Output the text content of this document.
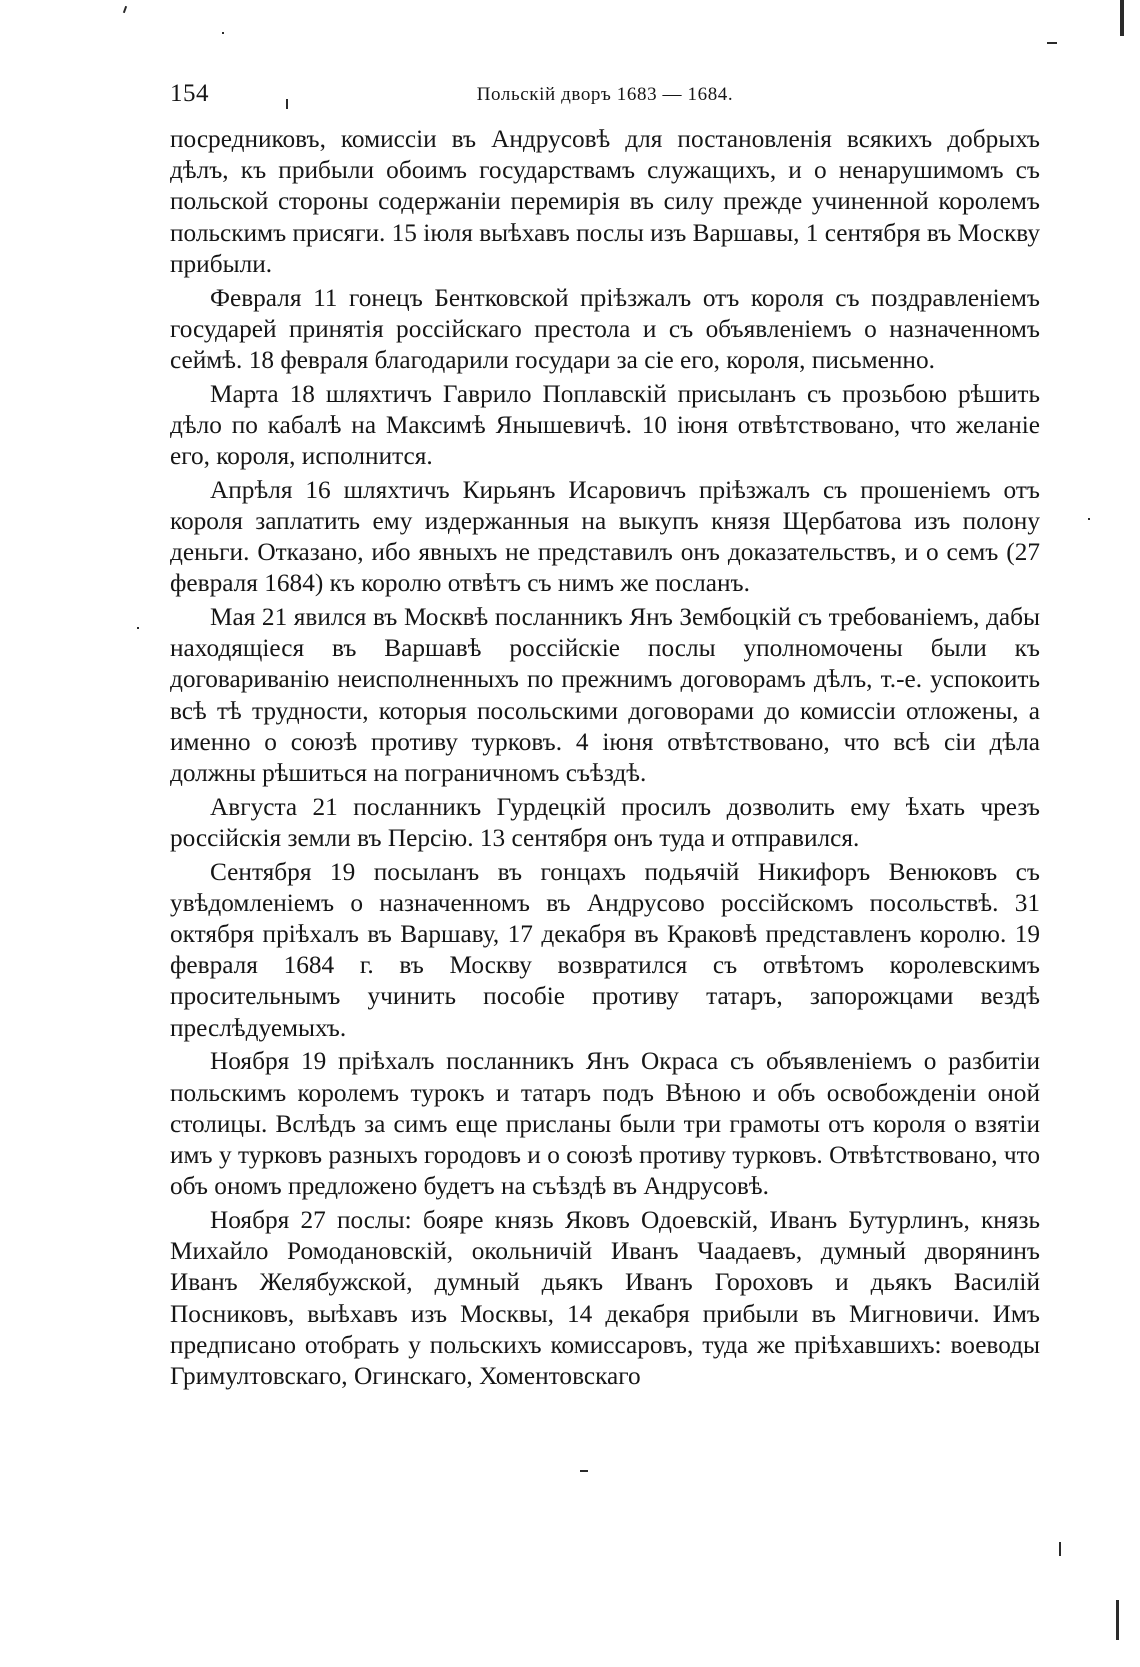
154	Польскій дворъ 1683 — 1684.

посредниковъ, комиссіи въ Андрусовѣ для постановленія всякихъ добрыхъ дѣлъ, къ прибыли обоимъ государствамъ служащихъ, и о ненарушимомъ съ польской стороны содержаніи перемирія въ силу прежде учиненной королемъ польскимъ присяги. 15 іюля выѣхавъ послы изъ Варшавы, 1 сентября въ Москву прибыли.

Февраля 11 гонецъ Бентковской пріѣзжалъ отъ короля съ поздравленіемъ государей принятія россійскаго престола и съ объявленіемъ о назначенномъ сеймѣ. 18 февраля благодарили государи за сіе его, короля, письменно.

Марта 18 шляхтичъ Гаврило Поплавскій присыланъ съ прозьбою рѣшить дѣло по кабалѣ на Максимѣ Янышевичѣ. 10 іюня отвѣтствовано, что желаніе его, короля, исполнится.

Апрѣля 16 шляхтичъ Кирьянъ Исаровичъ пріѣзжалъ съ прошеніемъ отъ короля заплатить ему издержанныя на выкупъ князя Щербатова изъ полону деньги. Отказано, ибо явныхъ не представилъ онъ доказательствъ, и о семъ (27 февраля 1684) къ королю отвѣтъ съ нимъ же посланъ.

Мая 21 явился въ Москвѣ посланникъ Янъ Зембоцкій съ требованіемъ, дабы находящіеся въ Варшавѣ россійскіе послы уполномочены были къ договариванію неисполненныхъ по прежнимъ договорамъ дѣлъ, т.-е. успокоить всѣ тѣ трудности, которыя посольскими договорами до комиссіи отложены, а именно о союзѣ противу турковъ. 4 іюня отвѣтствовано, что всѣ сіи дѣла должны рѣшиться на пограничномъ съѣздѣ.

Августа 21 посланникъ Гурдецкій просилъ дозволить ему ѣхать чрезъ россійскія земли въ Персію. 13 сентября онъ туда и отправился.

Сентября 19 посыланъ въ гонцахъ подьячій Никифоръ Венюковъ съ увѣдомленіемъ о назначенномъ въ Андрусово россійскомъ посольствѣ. 31 октября пріѣхалъ въ Варшаву, 17 декабря въ Краковѣ представленъ королю. 19 февраля 1684 г. въ Москву возвратился съ отвѣтомъ королевскимъ просительнымъ учинить пособіе противу татаръ, запорожцами вездѣ преслѣдуемыхъ.

Ноября 19 пріѣхалъ посланникъ Янъ Окраса съ объявленіемъ о разбитіи польскимъ королемъ турокъ и татаръ подъ Вѣною и объ освобожденіи оной столицы. Вслѣдъ за симъ еще присланы были три грамоты отъ короля о взятіи имъ у турковъ разныхъ городовъ и о союзѣ противу турковъ. Отвѣтствовано, что объ ономъ предложено будетъ на съѣздѣ въ Андрусовѣ.

Ноября 27 послы: бояре князь Яковъ Одоевскій, Иванъ Бутурлинъ, князь Михайло Ромодановскій, окольничій Иванъ Чаадаевъ, думный дворянинъ Иванъ Желябужской, думный дьякъ Иванъ Гороховъ и дьякъ Василій Посниковъ, выѣхавъ изъ Москвы, 14 декабря прибыли въ Мигновичи. Имъ предписано отобрать у польскихъ комиссаровъ, туда же пріѣхавшихъ: воеводы Гримултовскаго, Огинскаго, Хоментовскаго
